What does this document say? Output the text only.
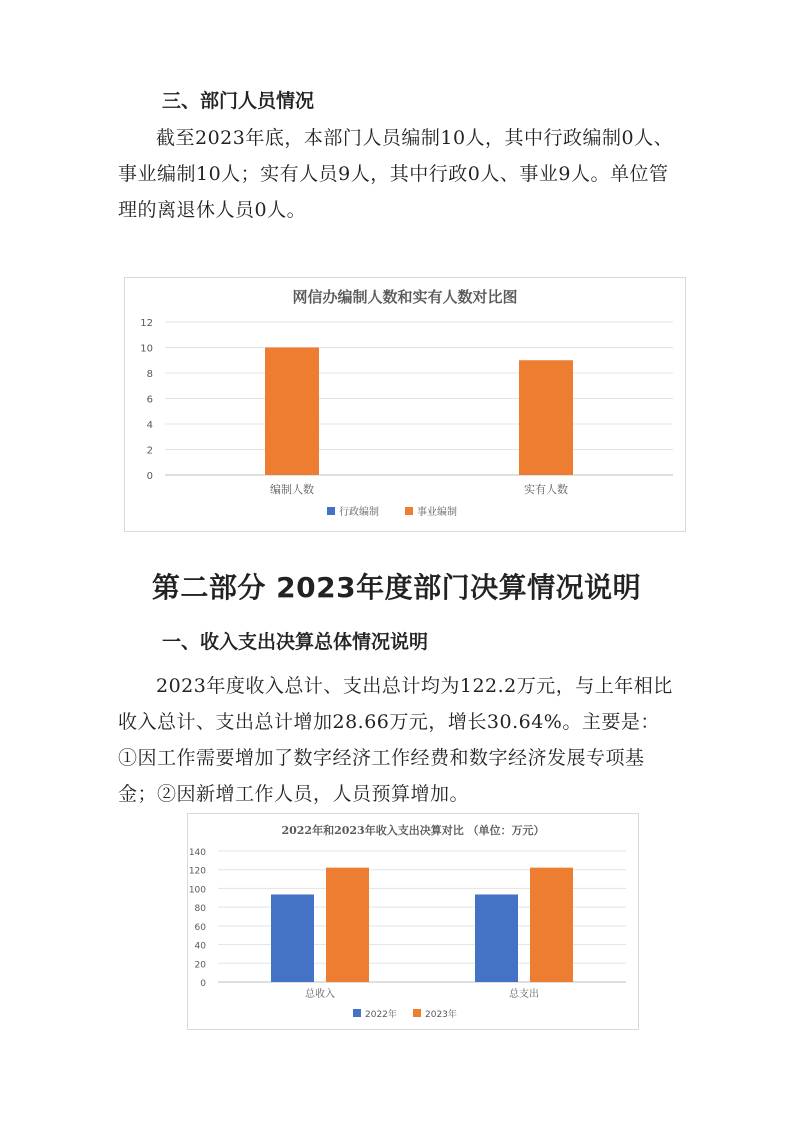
三、部门人员情况

截至2023年底，本部门人员编制10人，其中行政编制0人、事业编制10人；实有人员9人，其中行政0人、事业9人。单位管理的离退休人员0人。

网信办编制人数和实有人数对比图
0
2
4
6
8
10
12
编制人数	实有人数
行政编制	事业编制
第二部分 2023年度部门决算情况说明
一、收入支出决算总体情况说明

2023年度收入总计、支出总计均为122.2万元，与上年相比收入总计、支出总计增加28.66万元，增长30.64%。主要是：①因工作需要增加了数字经济工作经费和数字经济发展专项基金；②因新增工作人员，人员预算增加。

2022年和2023年收入支出决算对比 （单位：万元）
0
20
40
60
80
100
120
140
总收入	总支出
2022年	2023年
